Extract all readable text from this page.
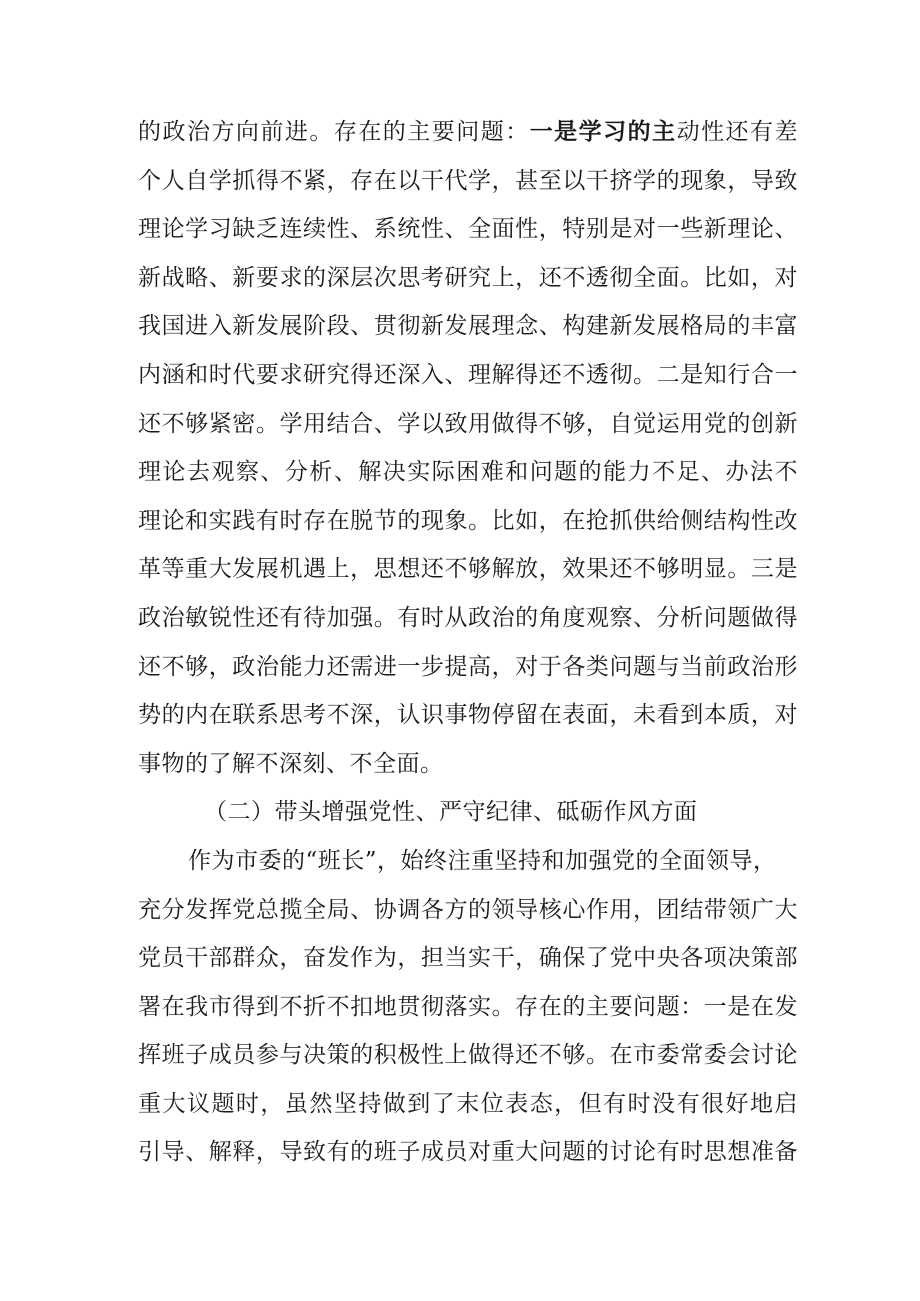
的政治方向前进。存在的主要问题：一是学习的主动性还有差
个人自学抓得不紧，存在以干代学，甚至以干挤学的现象，导致
理论学习缺乏连续性、系统性、全面性，特别是对一些新理论、
新战略、新要求的深层次思考研究上，还不透彻全面。比如，对
我国进入新发展阶段、贯彻新发展理念、构建新发展格局的丰富
内涵和时代要求研究得还深入、理解得还不透彻。二是知行合一
还不够紧密。学用结合、学以致用做得不够，自觉运用党的创新
理论去观察、分析、解决实际困难和问题的能力不足、办法不
理论和实践有时存在脱节的现象。比如，在抢抓供给侧结构性改
革等重大发展机遇上，思想还不够解放，效果还不够明显。三是
政治敏锐性还有待加强。有时从政治的角度观察、分析问题做得
还不够，政治能力还需进一步提高，对于各类问题与当前政治形
势的内在联系思考不深，认识事物停留在表面，未看到本质，对
事物的了解不深刻、不全面。
（二）带头增强党性、严守纪律、砥砺作风方面
作为市委的“班长”，始终注重坚持和加强党的全面领导，
充分发挥党总揽全局、协调各方的领导核心作用，团结带领广大
党员干部群众，奋发作为，担当实干，确保了党中央各项决策部
署在我市得到不折不扣地贯彻落实。存在的主要问题：一是在发
挥班子成员参与决策的积极性上做得还不够。在市委常委会讨论
重大议题时，虽然坚持做到了末位表态，但有时没有很好地启
引导、解释，导致有的班子成员对重大问题的讨论有时思想准备
